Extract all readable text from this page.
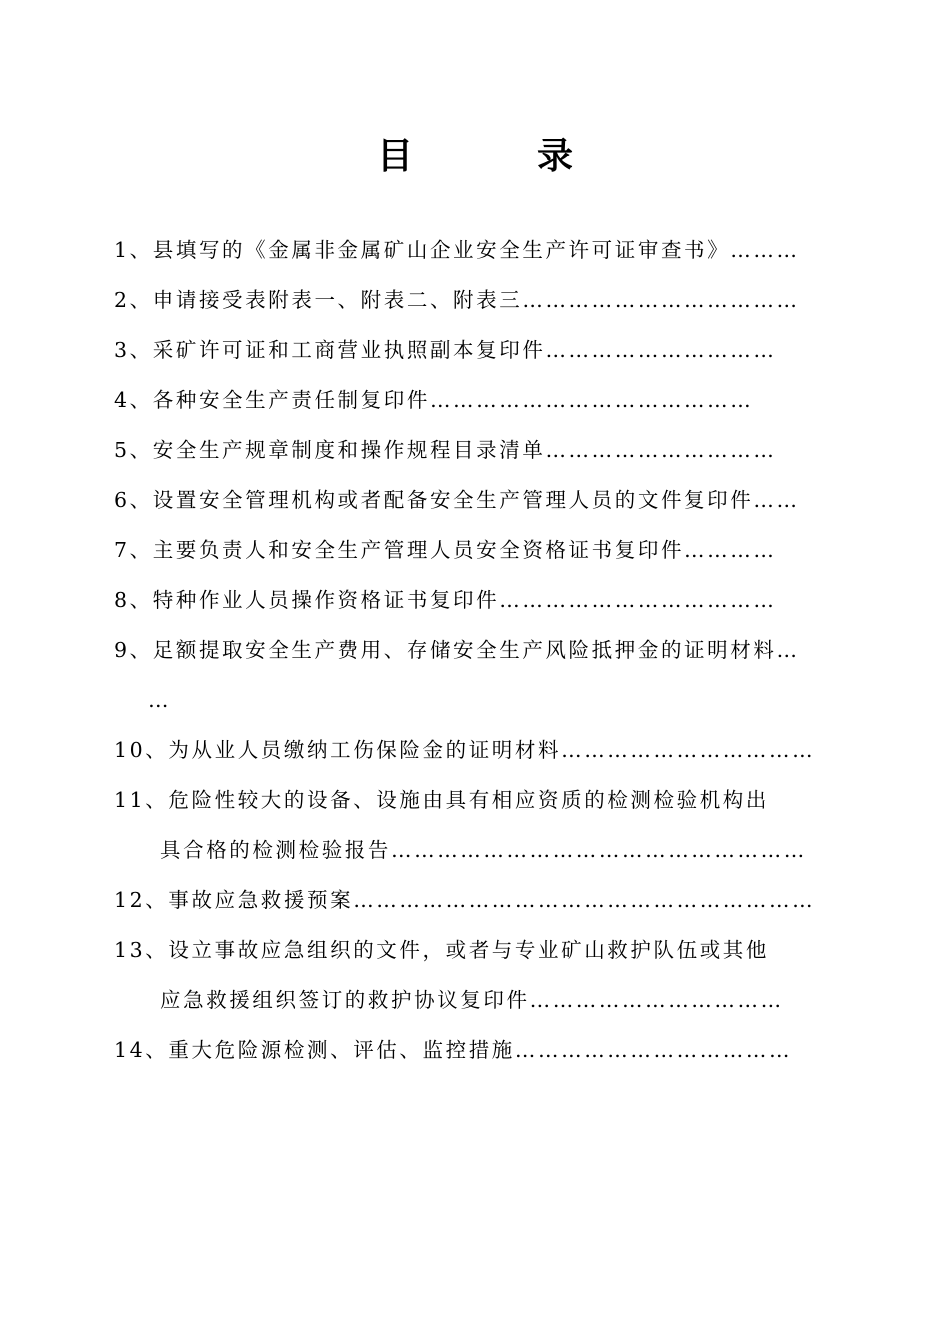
目　录
1、县填写的《金属非金属矿山企业安全生产许可证审查书》………
2、申请接受表附表一、附表二、附表三………………………………
3、采矿许可证和工商营业执照副本复印件…………………………
4、各种安全生产责任制复印件……………………………………
5、安全生产规章制度和操作规程目录清单…………………………
6、设置安全管理机构或者配备安全生产管理人员的文件复印件……
7、主要负责人和安全生产管理人员安全资格证书复印件…………
8、特种作业人员操作资格证书复印件………………………………
9、足额提取安全生产费用、存储安全生产风险抵押金的证明材料…
…
10、为从业人员缴纳工伤保险金的证明材料……………………………
11、危险性较大的设备、设施由具有相应资质的检测检验机构出
具合格的检测检验报告………………………………………………
12、事故应急救援预案……………………………………………………
13、设立事故应急组织的文件，或者与专业矿山救护队伍或其他
应急救援组织签订的救护协议复印件……………………………
14、重大危险源检测、评估、监控措施………………………………
